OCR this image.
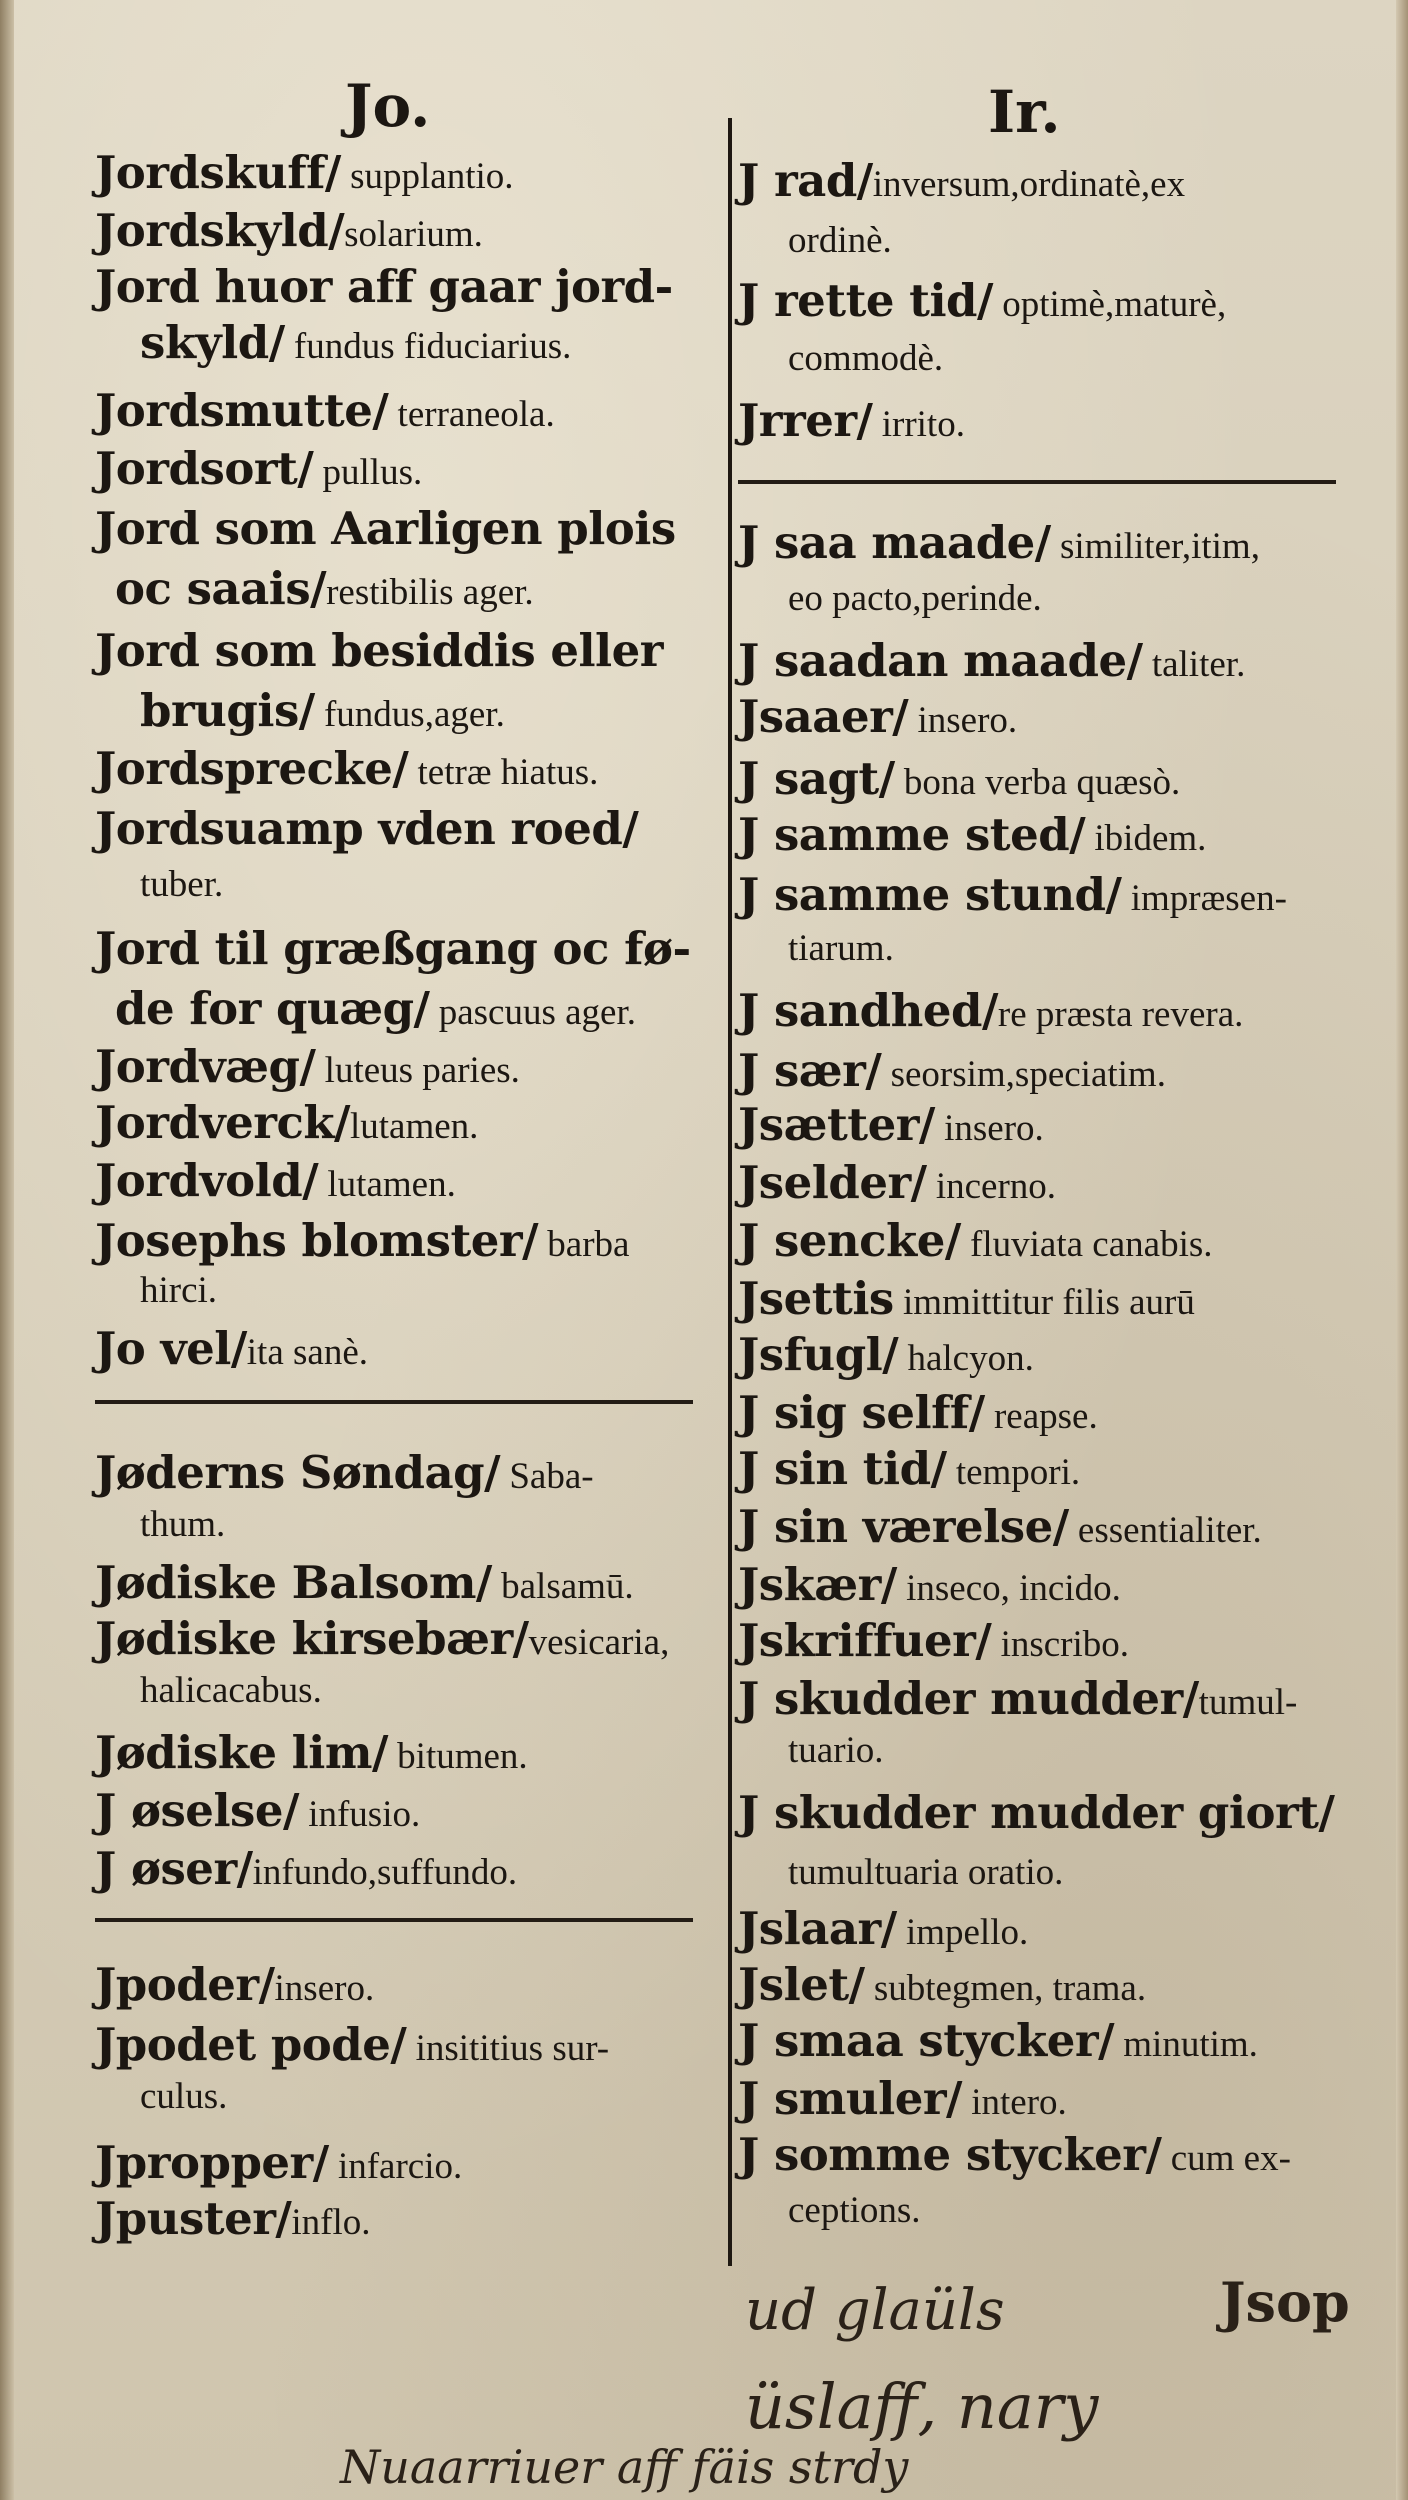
Jo.
Jordskuff/ supplantio.
Jordskyld/solarium.
Jord huor aff gaar jord-
skyld/ fundus fiduciarius.
Jordsmutte/ terraneola.
Jordsort/ pullus.
Jord som Aarligen plois
oc saais/restibilis ager.
Jord som besiddis eller
brugis/ fundus,ager.
Jordsprecke/ tetræ hiatus.
Jordsuamp vden roed/
tuber.
Jord til græßgang oc fø-
de for quæg/ pascuus ager.
Jordvæg/ luteus paries.
Jordverck/lutamen.
Jordvold/ lutamen.
Josephs blomster/ barba
hirci.
Jo vel/ita sanè.
Jøderns Søndag/ Saba-
thum.
Jødiske Balsom/ balsamū.
Jødiske kirsebær/vesicaria,
halicacabus.
Jødiske lim/ bitumen.
J øselse/ infusio.
J øser/infundo,suffundo.
Jpoder/insero.
Jpodet pode/ insititius sur-
culus.
Jpropper/ infarcio.
Jpuster/inflo.
Ir.
J rad/inversum,ordinatè,ex
ordinè.
J rette tid/ optimè,maturè,
commodè.
Jrrer/ irrito.
J saa maade/ similiter,itim,
eo pacto,perinde.
J saadan maade/ taliter.
Jsaaer/ insero.
J sagt/ bona verba quæsò.
J samme sted/ ibidem.
J samme stund/ impræsen-
tiarum.
J sandhed/re præsta revera.
J sær/ seorsim,speciatim.
Jsætter/ insero.
Jselder/ incerno.
J sencke/ fluviata canabis.
Jsettis immittitur filis aurū
Jsfugl/ halcyon.
J sig selff/ reapse.
J sin tid/ tempori.
J sin værelse/ essentialiter.
Jskær/ inseco, incido.
Jskriffuer/ inscribo.
J skudder mudder/tumul-
tuario.
J skudder mudder giort/
tumultuaria oratio.
Jslaar/ impello.
Jslet/ subtegmen, trama.
J smaa stycker/ minutim.
J smuler/ intero.
J somme stycker/ cum ex-
ceptions.
ud glaüls	Jsop
üslaff, nary
Nuaarriuer aff fäis strdy
